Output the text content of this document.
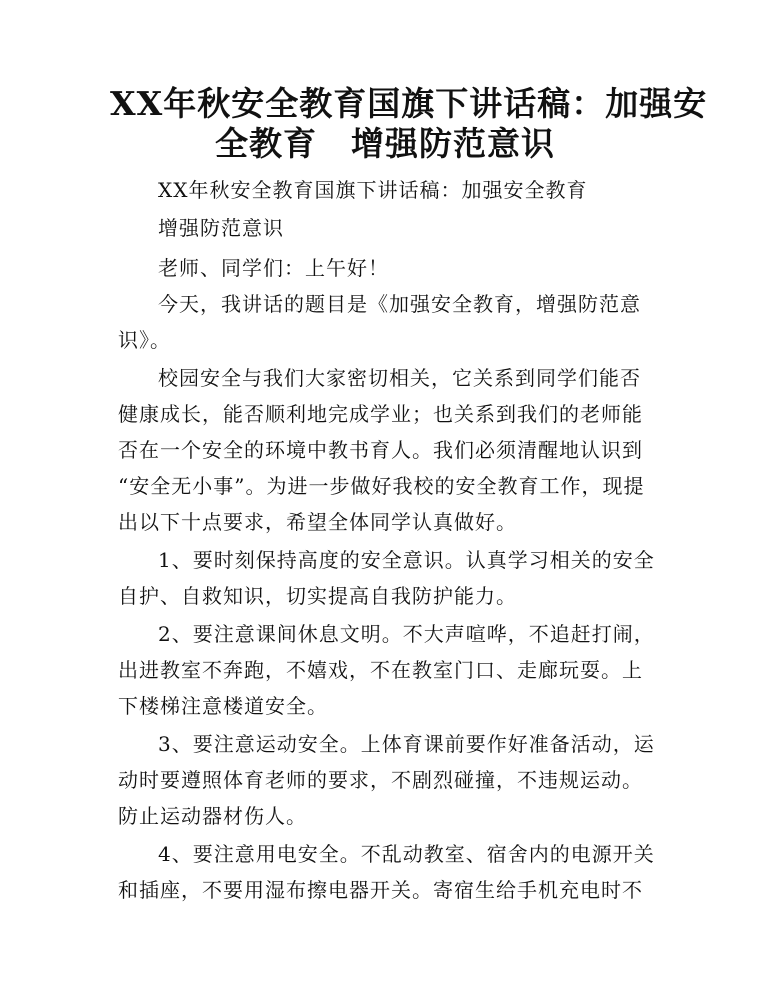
XX年秋安全教育国旗下讲话稿：加强安
全教育　增强防范意识
XX年秋安全教育国旗下讲话稿：加强安全教育
增强防范意识
老师、同学们：上午好！
今天，我讲话的题目是《加强安全教育，增强防范意
识》。
校园安全与我们大家密切相关，它关系到同学们能否
健康成长，能否顺利地完成学业；也关系到我们的老师能
否在一个安全的环境中教书育人。我们必须清醒地认识到
“安全无小事”。为进一步做好我校的安全教育工作，现提
出以下十点要求，希望全体同学认真做好。
1、要时刻保持高度的安全意识。认真学习相关的安全
自护、自救知识，切实提高自我防护能力。
2、要注意课间休息文明。不大声喧哗，不追赶打闹，
出进教室不奔跑，不嬉戏，不在教室门口、走廊玩耍。上
下楼梯注意楼道安全。
3、要注意运动安全。上体育课前要作好准备活动，运
动时要遵照体育老师的要求，不剧烈碰撞，不违规运动。
防止运动器材伤人。
4、要注意用电安全。不乱动教室、宿舍内的电源开关
和插座，不要用湿布擦电器开关。寄宿生给手机充电时不
